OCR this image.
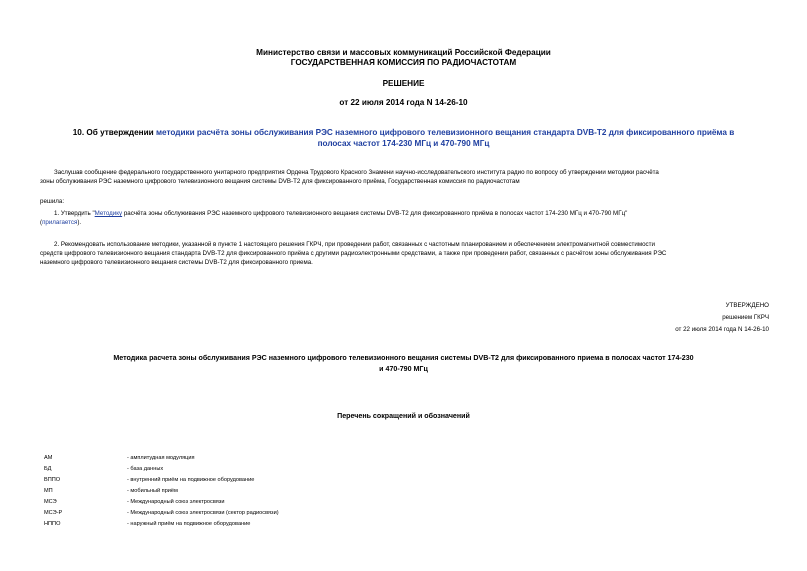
Министерство связи и массовых коммуникаций Российской Федерации
ГОСУДАРСТВЕННАЯ КОМИССИЯ ПО РАДИОЧАСТОТАМ
РЕШЕНИЕ
от 22 июля 2014 года N 14-26-10
10. Об утверждении методики расчёта зоны обслуживания РЭС наземного цифрового телевизионного вещания стандарта DVB-T2 для фиксированного приёма в
полосах частот 174-230 МГц и 470-790 МГц
Заслушав сообщение федерального государственного унитарного предприятия Ордена Трудового Красного Знамени научно-исследовательского института радио по вопросу об утверждении методики расчёта
зоны обслуживания РЭС наземного цифрового телевизионного вещания системы DVB-T2 для фиксированного приёма, Государственная комиссия по радиочастотам
решила:
1. Утвердить "Методику расчёта зоны обслуживания РЭС наземного цифрового телевизионного вещания системы DVB-T2 для фиксированного приёма в полосах частот 174-230 МГц и 470-790 МГц"
(прилагается).
2. Рекомендовать использование методики, указанной в пункте 1 настоящего решения ГКРЧ, при проведении работ, связанных с частотным планированием и обеспечением электромагнитной совместимости
средств цифрового телевизионного вещания стандарта DVB-T2 для фиксированного приёма с другими радиоэлектронными средствами, а также при проведении работ, связанных с расчётом зоны обслуживания РЭС
наземного цифрового телевизионного вещания системы DVB-T2 для фиксированного приема.
УТВЕРЖДЕНО
решением ГКРЧ
от 22 июля 2014 года N 14-26-10
Методика расчета зоны обслуживания РЭС наземного цифрового телевизионного вещания системы DVB-T2 для фиксированного приема в полосах частот 174-230
и 470-790 МГц
Перечень сокращений и обозначений
АМ	- амплитудная модуляция
БД	- база данных
ВППО	- внутренний приём на подвижное оборудование
МП	- мобильный приём
МСЭ	- Международный союз электросвязи
МСЭ-Р	- Международный союз электросвязи (сектор радиосвязи)
НППО	- наружный приём на подвижное оборудование
